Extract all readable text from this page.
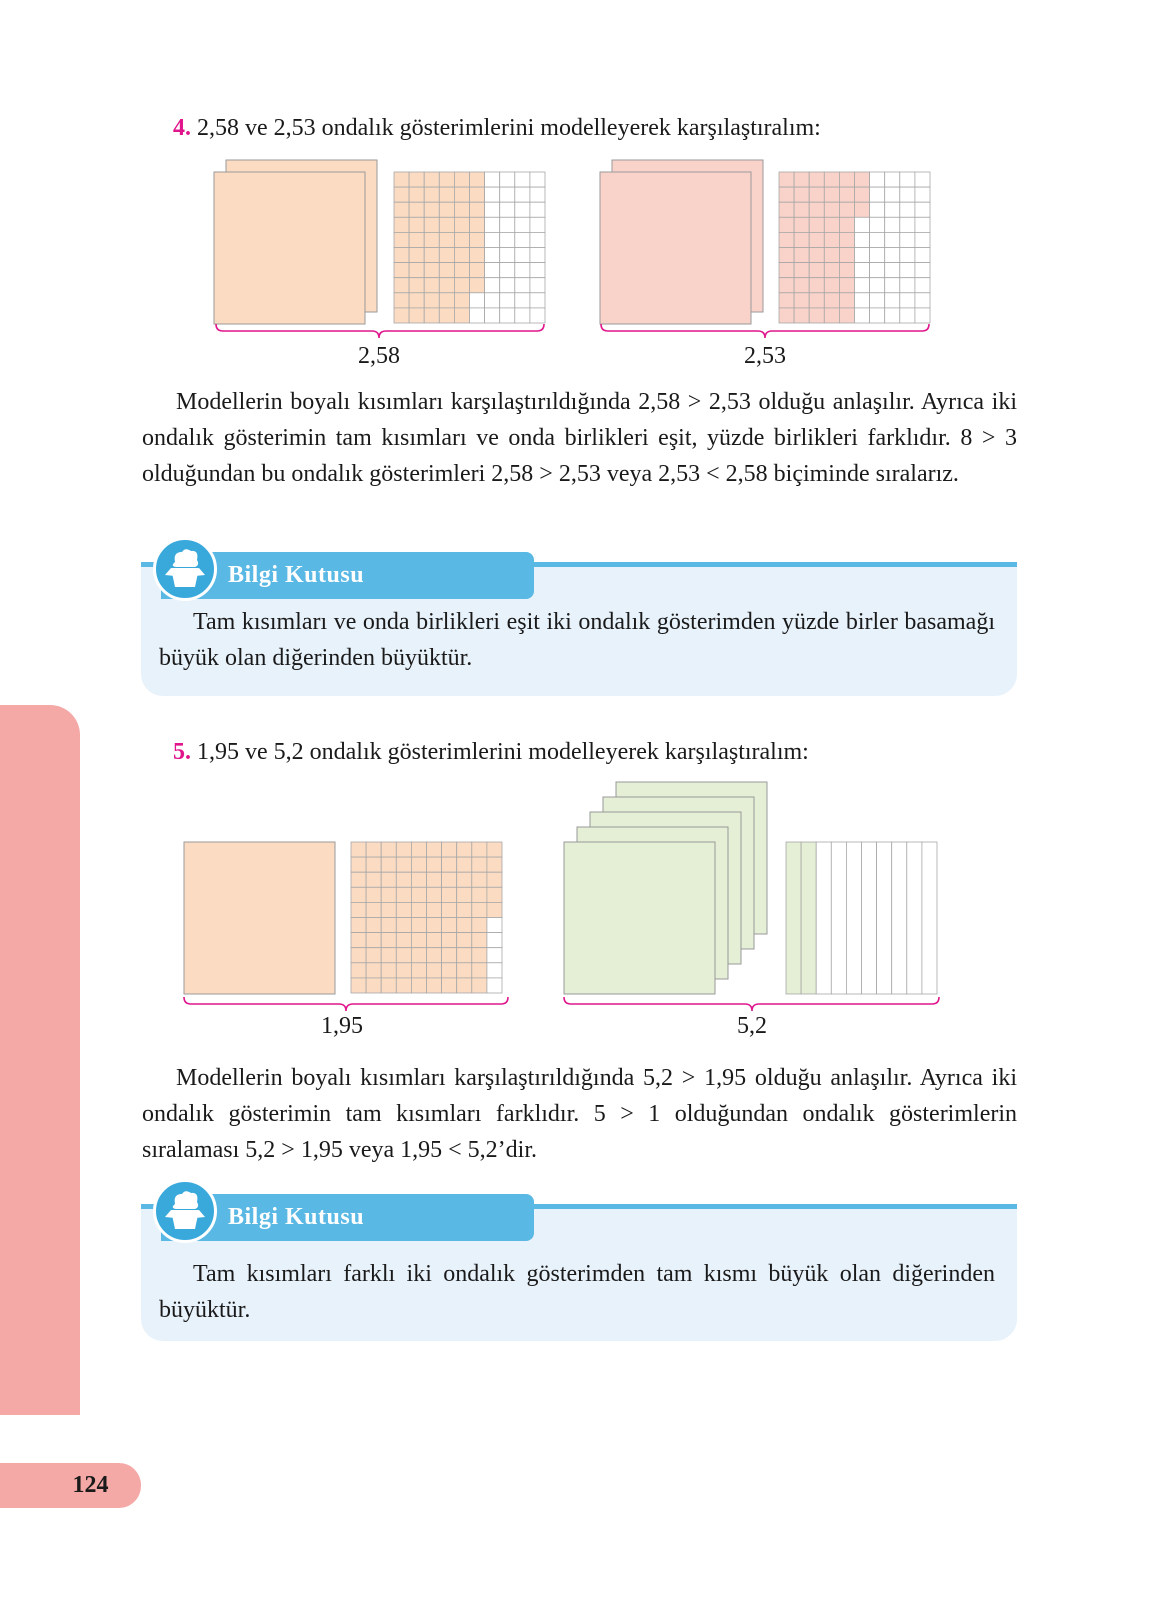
124
4. 2,58 ve 2,53 ondalık gösterimlerini modelleyerek karşılaştıralım:
2,58	2,53

Modellerin boyalı kısımları karşılaştırıldığında 2,58 > 2,53 olduğu anlaşılır. Ayrıca iki ondalık gösterimin tam kısımları ve onda birlikleri eşit, yüzde birlikleri farklıdır. 8 > 3 olduğundan bu ondalık gösterimleri 2,58 > 2,53 veya 2,53 < 2,58 biçiminde sıralarız.

Bilgi Kutusu

Tam kısımları ve onda birlikleri eşit iki ondalık gösterimden yüzde birler basamağı büyük olan diğerinden büyüktür.

5. 1,95 ve 5,2 ondalık gösterimlerini modelleyerek karşılaştıralım:
1,95	5,2

Modellerin boyalı kısımları karşılaştırıldığında 5,2 > 1,95 olduğu anlaşılır. Ayrıca iki ondalık gösterimin tam kısımları farklıdır. 5 > 1 olduğundan ondalık gösterimlerin sıralaması 5,2 > 1,95 veya 1,95 < 5,2’dir.

Bilgi Kutusu

Tam kısımları farklı iki ondalık gösterimden tam kısmı büyük olan diğerinden büyüktür.
